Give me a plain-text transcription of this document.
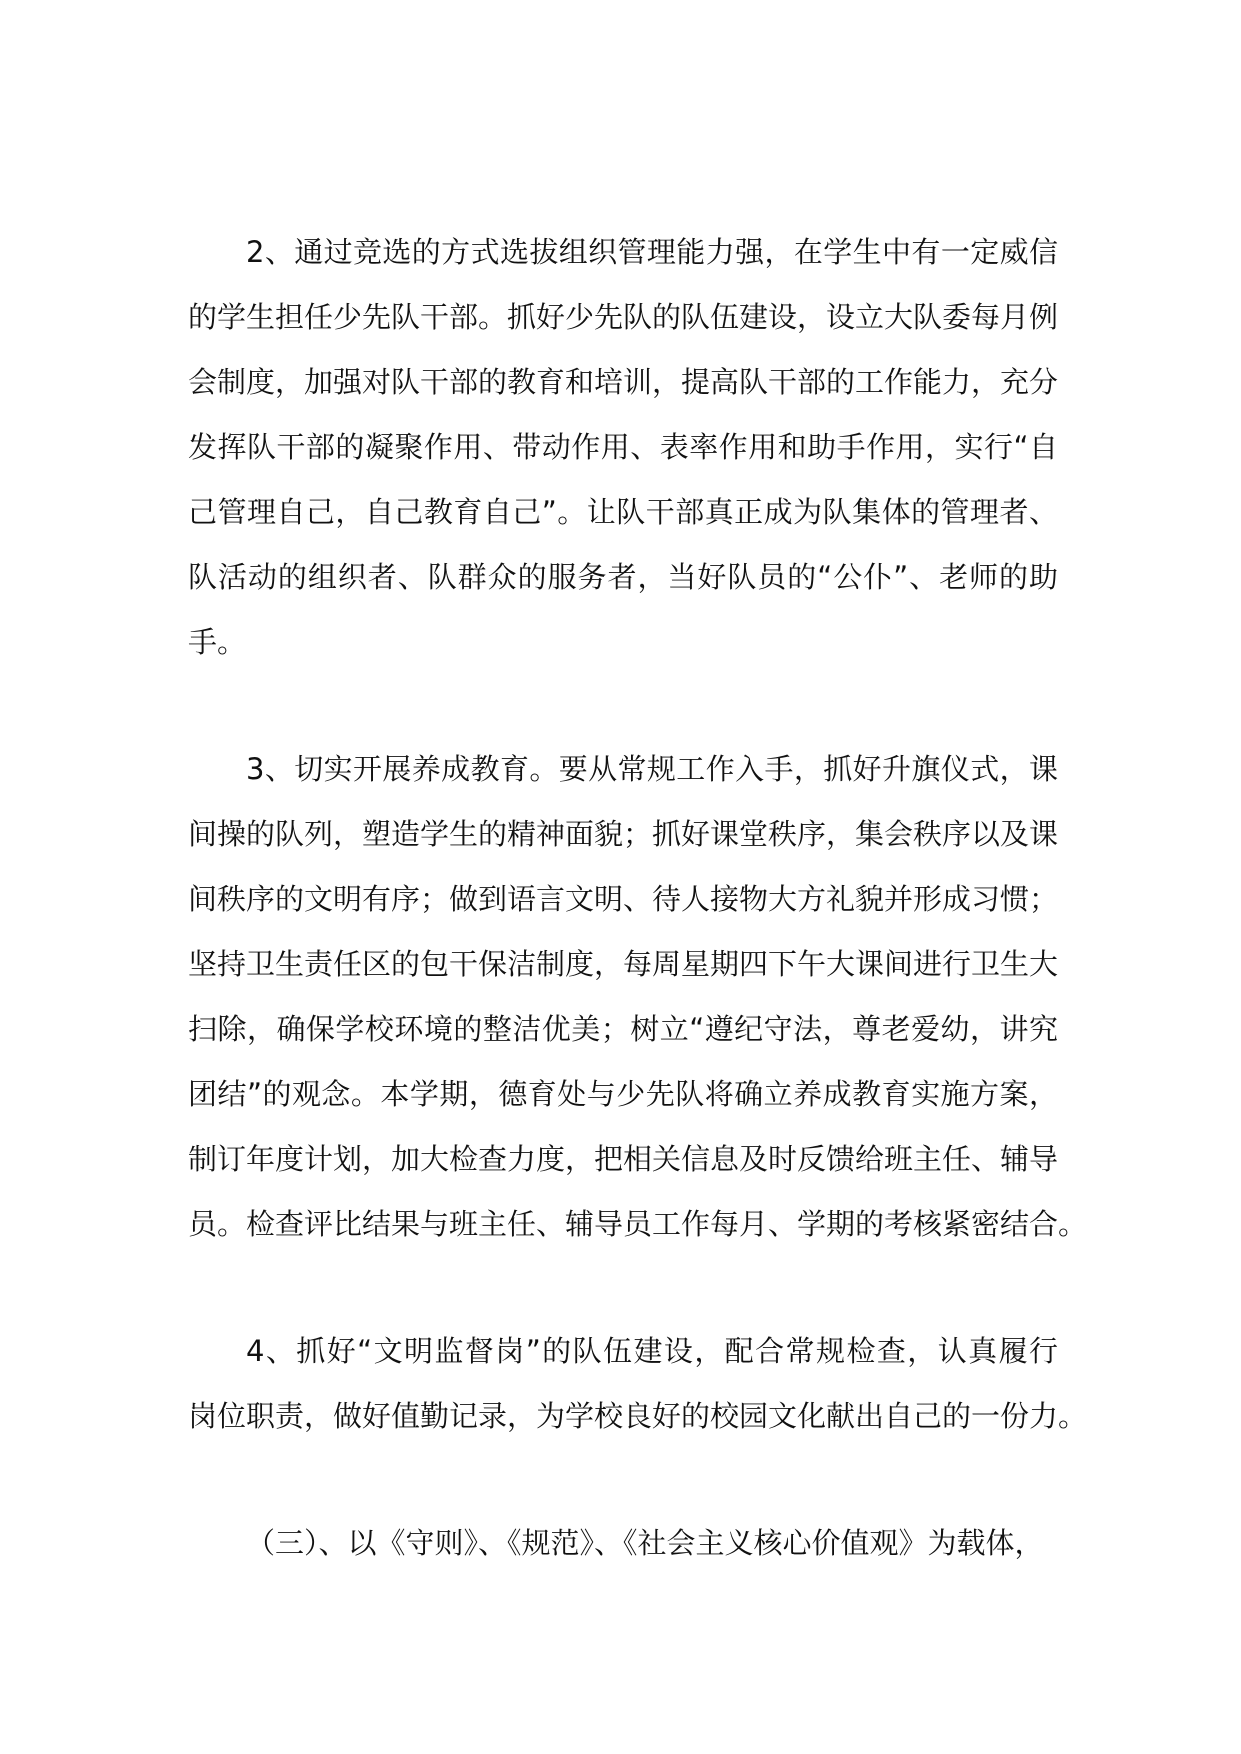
2、通过竞选的方式选拔组织管理能力强，在学生中有一定威信
的学生担任少先队干部。抓好少先队的队伍建设，设立大队委每月例
会制度，加强对队干部的教育和培训，提高队干部的工作能力，充分
发挥队干部的凝聚作用、带动作用、表率作用和助手作用，实行“自
己管理自己，自己教育自己”。让队干部真正成为队集体的管理者、
队活动的组织者、队群众的服务者，当好队员的“公仆”、老师的助
手。

3、切实开展养成教育。要从常规工作入手，抓好升旗仪式，课
间操的队列，塑造学生的精神面貌；抓好课堂秩序，集会秩序以及课
间秩序的文明有序；做到语言文明、待人接物大方礼貌并形成习惯；
坚持卫生责任区的包干保洁制度，每周星期四下午大课间进行卫生大
扫除，确保学校环境的整洁优美；树立“遵纪守法，尊老爱幼，讲究
团结”的观念。本学期，德育处与少先队将确立养成教育实施方案，
制订年度计划，加大检查力度，把相关信息及时反馈给班主任、辅导
员。检查评比结果与班主任、辅导员工作每月、学期的考核紧密结合。

4、抓好“文明监督岗”的队伍建设，配合常规检查，认真履行
岗位职责，做好值勤记录，为学校良好的校园文化献出自己的一份力。

（三）、以《守则》、《规范》、《社会主义核心价值观》为载体，
